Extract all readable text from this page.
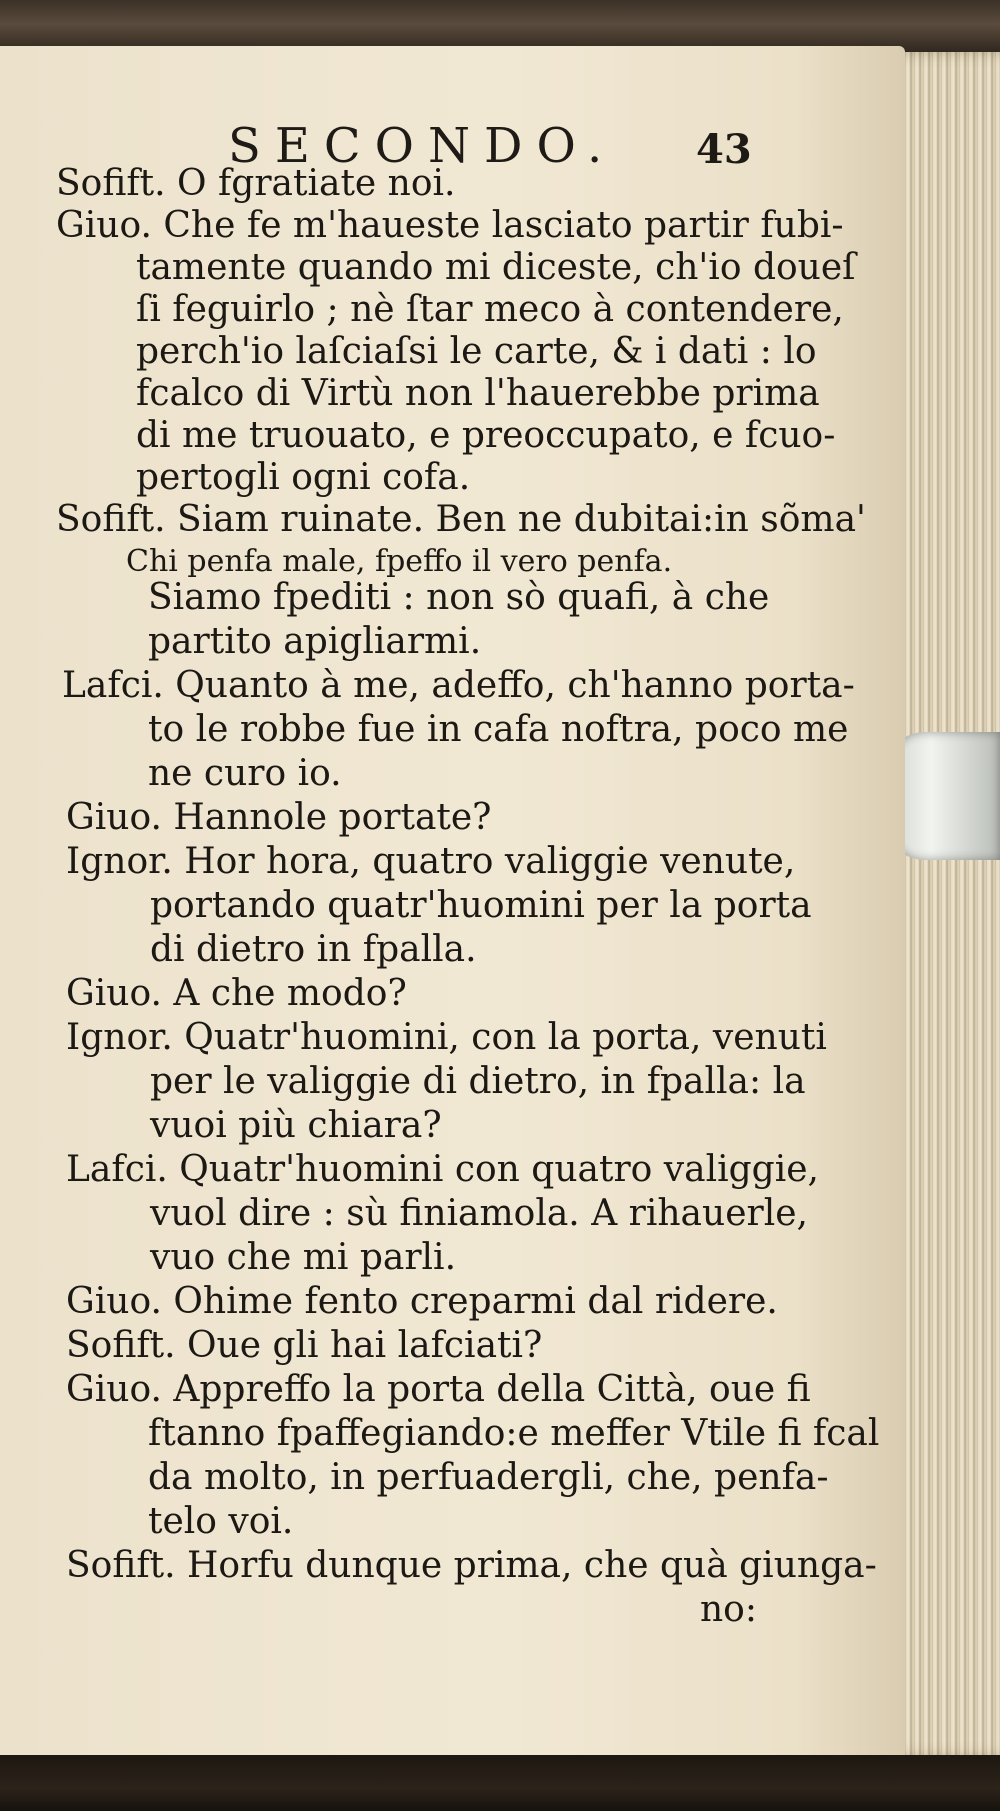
SECONDO. 43
Sofift. O fgratiate noi.
Giuo. Che fe m'haueste lasciato partir fubi-
tamente quando mi diceste, ch'io doueſ
ſi feguirlo ; nè ſtar meco à contendere,
perch'io laſciaſsi le carte, & i dati : lo
fcalco di Virtù non l'hauerebbe prima
di me truouato, e preoccupato, e fcuo-
pertogli ogni cofa.
Sofift. Siam ruinate. Ben ne dubitai:in sõma'
Chi penfa male, fpeffo il vero penfa.
Siamo fpediti : non sò quafi, à che
partito apigliarmi.
Lafci. Quanto à me, adeffo, ch'hanno porta-
to le robbe fue in cafa noftra, poco me
ne curo io.
Giuo. Hannole portate?
Ignor. Hor hora, quatro valiggie venute,
portando quatr'huomini per la porta
di dietro in fpalla.
Giuo. A che modo?
Ignor. Quatr'huomini, con la porta, venuti
per le valiggie di dietro, in fpalla: la
vuoi più chiara?
Lafci. Quatr'huomini con quatro valiggie,
vuol dire : sù finiamola. A rihauerle,
vuo che mi parli.
Giuo. Ohime fento creparmi dal ridere.
Sofift. Oue gli hai lafciati?
Giuo. Appreffo la porta della Città, oue fi
ftanno fpaffegiando:e meffer Vtile fi fcal
da molto, in perfuadergli, che, penfa-
telo voi.
Sofift. Horfu dunque prima, che quà giunga-
no:
